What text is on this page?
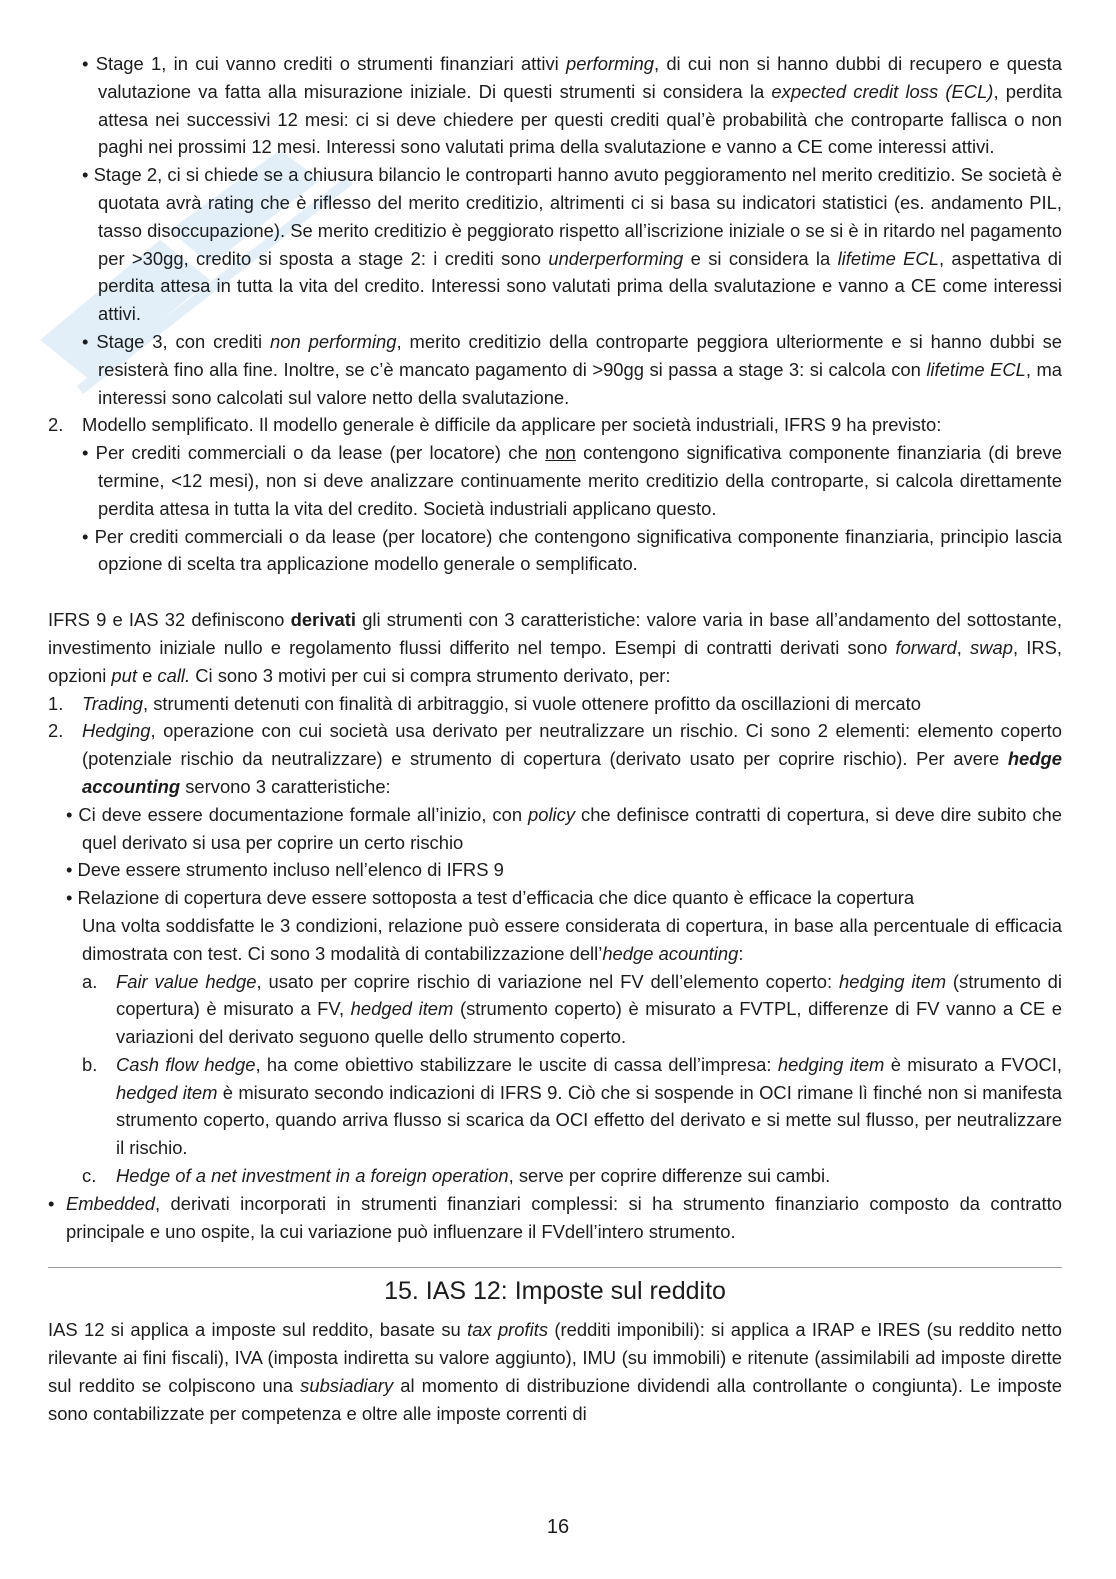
• Stage 1, in cui vanno crediti o strumenti finanziari attivi performing, di cui non si hanno dubbi di recupero e questa valutazione va fatta alla misurazione iniziale. Di questi strumenti si considera la expected credit loss (ECL), perdita attesa nei successivi 12 mesi: ci si deve chiedere per questi crediti qual’è probabilità che controparte fallisca o non paghi nei prossimi 12 mesi. Interessi sono valutati prima della svalutazione e vanno a CE come interessi attivi.

• Stage 2, ci si chiede se a chiusura bilancio le controparti hanno avuto peggioramento nel merito creditizio. Se società è quotata avrà rating che è riflesso del merito creditizio, altrimenti ci si basa su indicatori statistici (es. andamento PIL, tasso disoccupazione). Se merito creditizio è peggiorato rispetto all’iscrizione iniziale o se si è in ritardo nel pagamento per >30gg, credito si sposta a stage 2: i crediti sono underperforming e si considera la lifetime ECL, aspettativa di perdita attesa in tutta la vita del credito. Interessi sono valutati prima della svalutazione e vanno a CE come interessi attivi.

• Stage 3, con crediti non performing, merito creditizio della controparte peggiora ulteriormente e si hanno dubbi se resisterà fino alla fine. Inoltre, se c’è mancato pagamento di >90gg si passa a stage 3: si calcola con lifetime ECL, ma interessi sono calcolati sul valore netto della svalutazione.

2. Modello semplificato. Il modello generale è difficile da applicare per società industriali, IFRS 9 ha previsto:

• Per crediti commerciali o da lease (per locatore) che non contengono significativa componente finanziaria (di breve termine, <12 mesi), non si deve analizzare continuamente merito creditizio della controparte, si calcola direttamente perdita attesa in tutta la vita del credito. Società industriali applicano questo.

• Per crediti commerciali o da lease (per locatore) che contengono significativa componente finanziaria, principio lascia opzione di scelta tra applicazione modello generale o semplificato.

IFRS 9 e IAS 32 definiscono derivati gli strumenti con 3 caratteristiche: valore varia in base all’andamento del sottostante, investimento iniziale nullo e regolamento flussi differito nel tempo. Esempi di contratti derivati sono forward, swap, IRS, opzioni put e call. Ci sono 3 motivi per cui si compra strumento derivato, per:

1. Trading, strumenti detenuti con finalità di arbitraggio, si vuole ottenere profitto da oscillazioni di mercato

2. Hedging, operazione con cui società usa derivato per neutralizzare un rischio. Ci sono 2 elementi: elemento coperto (potenziale rischio da neutralizzare) e strumento di copertura (derivato usato per coprire rischio). Per avere hedge accounting servono 3 caratteristiche:

• Ci deve essere documentazione formale all’inizio, con policy che definisce contratti di copertura, si deve dire subito che quel derivato si usa per coprire un certo rischio

• Deve essere strumento incluso nell’elenco di IFRS 9

• Relazione di copertura deve essere sottoposta a test d’efficacia che dice quanto è efficace la copertura

Una volta soddisfatte le 3 condizioni, relazione può essere considerata di copertura, in base alla percentuale di efficacia dimostrata con test. Ci sono 3 modalità di contabilizzazione dell’hedge acounting:

a. Fair value hedge, usato per coprire rischio di variazione nel FV dell’elemento coperto: hedging item (strumento di copertura) è misurato a FV, hedged item (strumento coperto) è misurato a FVTPL, differenze di FV vanno a CE e variazioni del derivato seguono quelle dello strumento coperto.

b. Cash flow hedge, ha come obiettivo stabilizzare le uscite di cassa dell’impresa: hedging item è misurato a FVOCI, hedged item è misurato secondo indicazioni di IFRS 9. Ciò che si sospende in OCI rimane lì finché non si manifesta strumento coperto, quando arriva flusso si scarica da OCI effetto del derivato e si mette sul flusso, per neutralizzare il rischio.

c. Hedge of a net investment in a foreign operation, serve per coprire differenze sui cambi.

• Embedded, derivati incorporati in strumenti finanziari complessi: si ha strumento finanziario composto da contratto principale e uno ospite, la cui variazione può influenzare il FVdell’intero strumento.

15. IAS 12: Imposte sul reddito

IAS 12 si applica a imposte sul reddito, basate su tax profits (redditi imponibili): si applica a IRAP e IRES (su reddito netto rilevante ai fini fiscali), IVA (imposta indiretta su valore aggiunto), IMU (su immobili) e ritenute (assimilabili ad imposte dirette sul reddito se colpiscono una subsiadiary al momento di distribuzione dividendi alla controllante o congiunta). Le imposte sono contabilizzate per competenza e oltre alle imposte correnti di

16
